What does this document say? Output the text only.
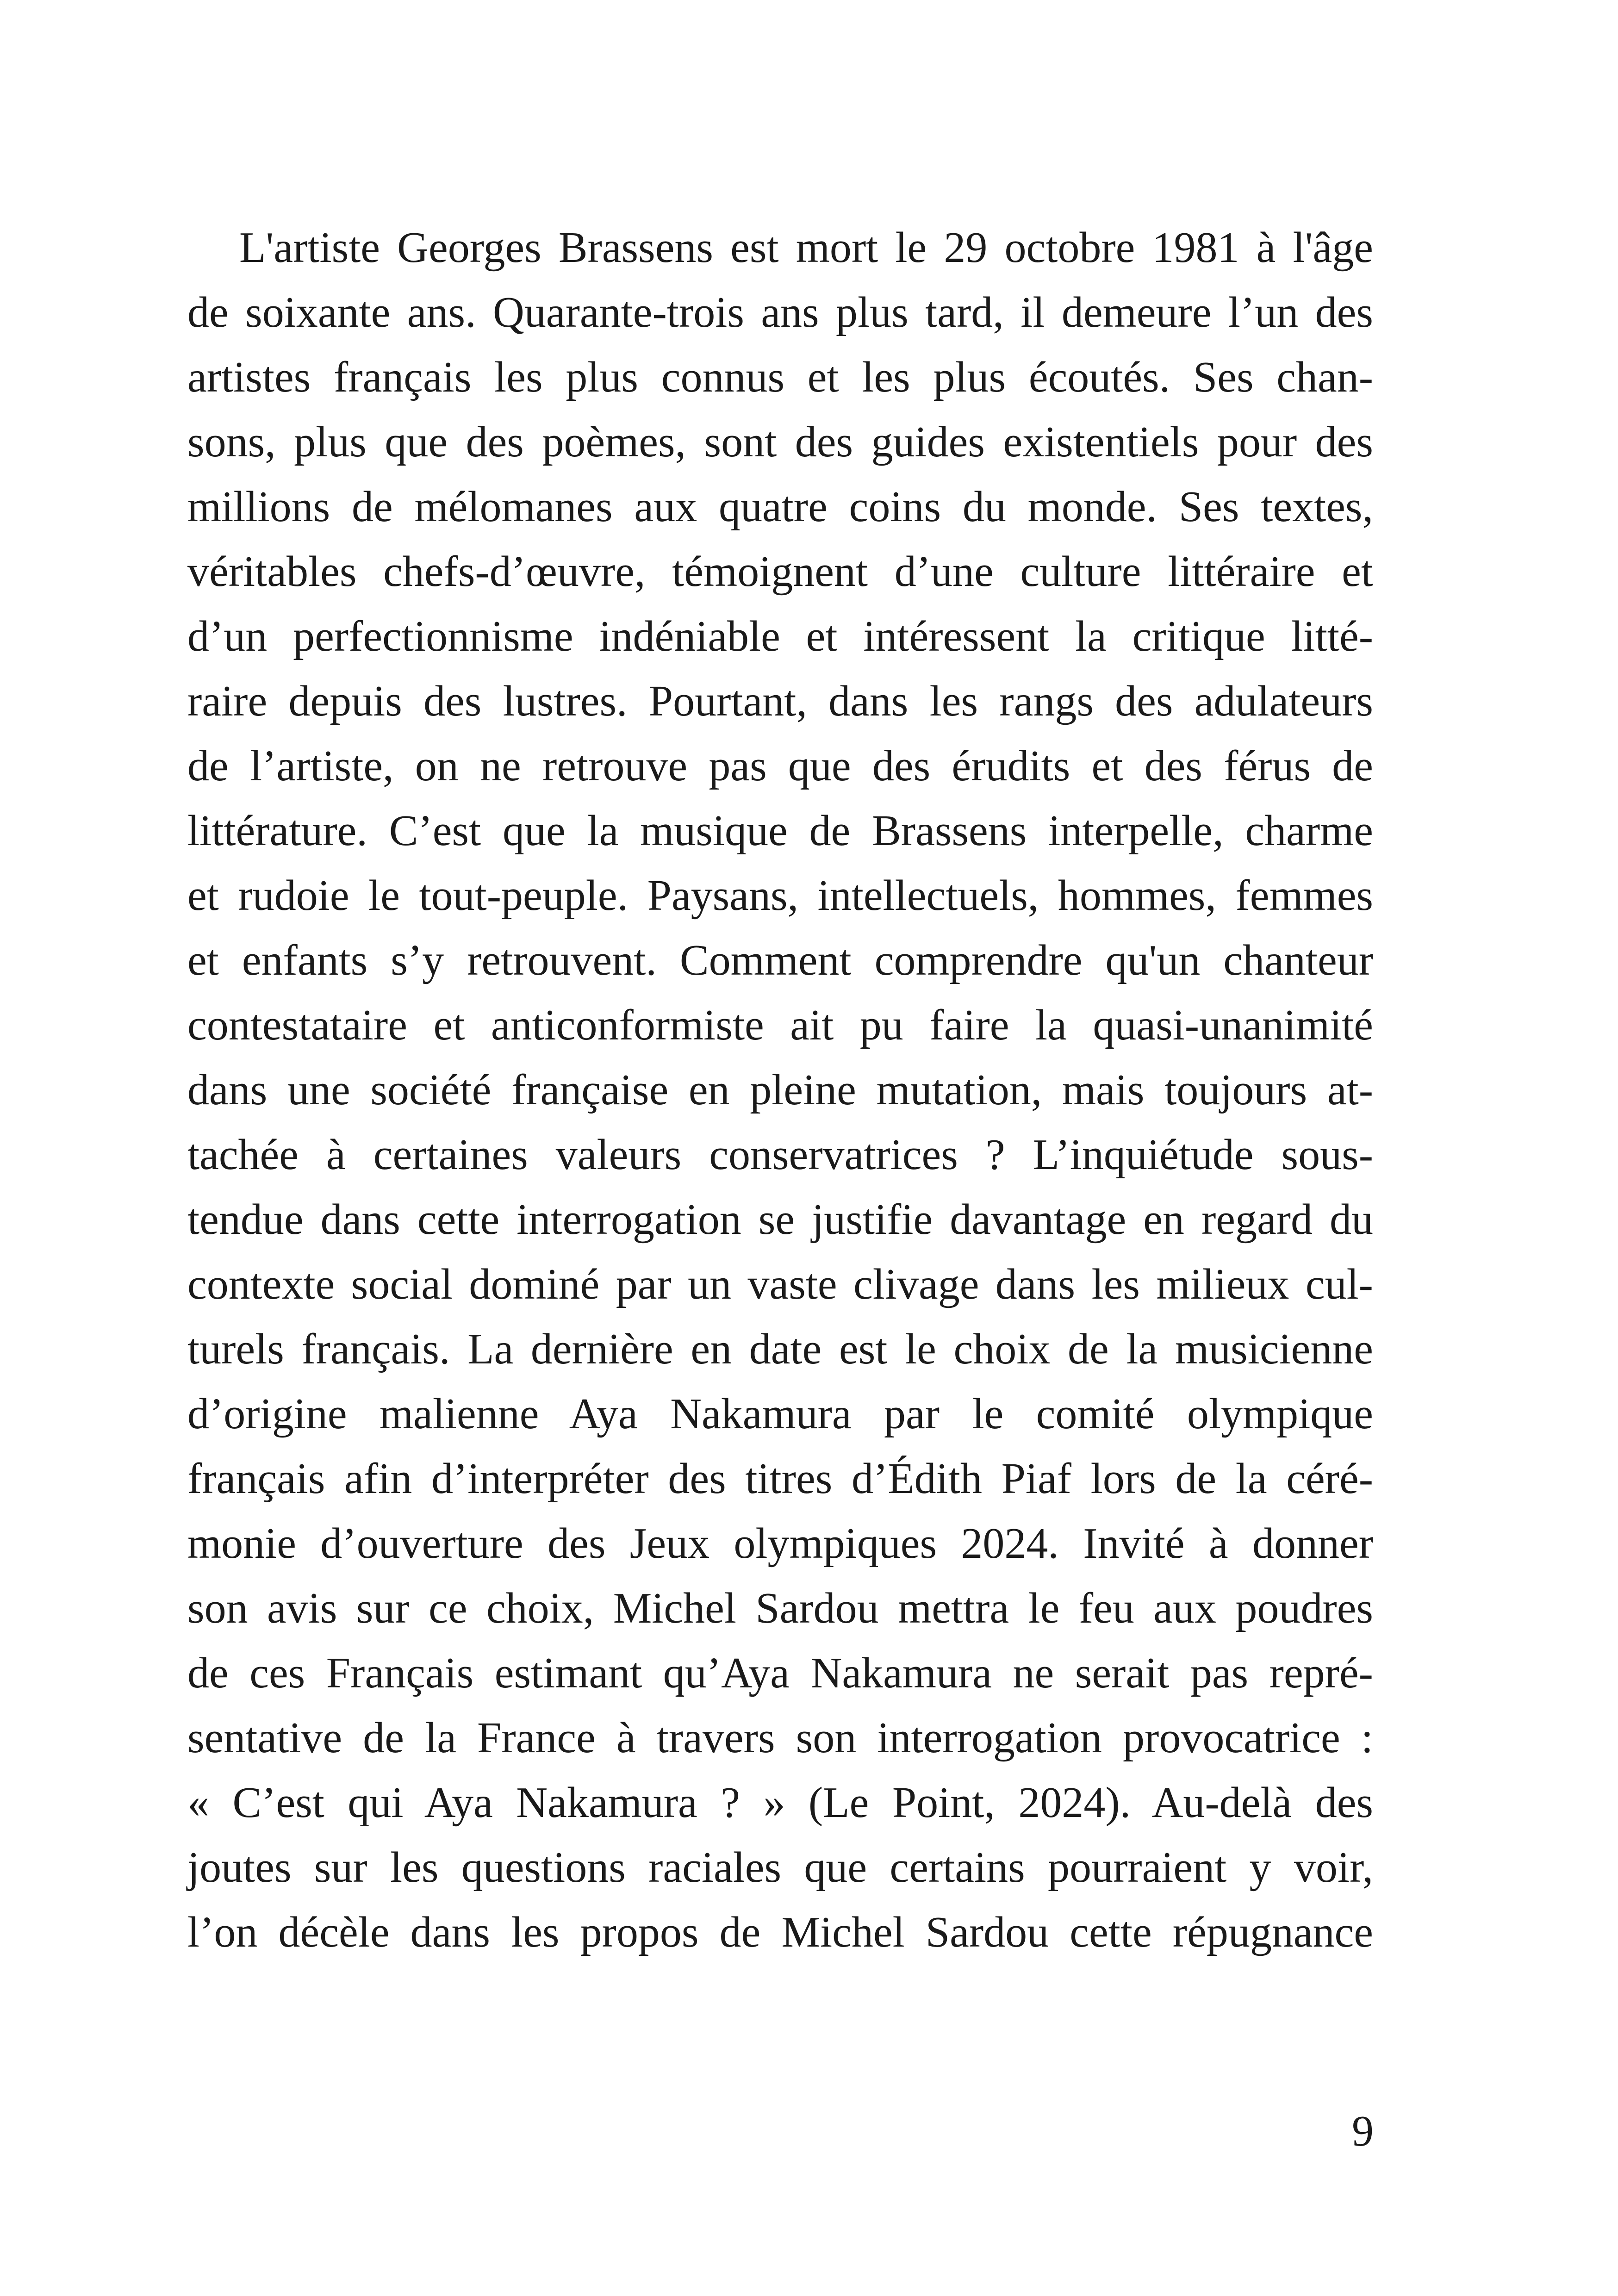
L'artiste Georges Brassens est mort le 29 octobre 1981 à l'âge
de soixante ans. Quarante-trois ans plus tard, il demeure l’un des
artistes français les plus connus et les plus écoutés. Ses chan-
sons, plus que des poèmes, sont des guides existentiels pour des
millions de mélomanes aux quatre coins du monde. Ses textes,
véritables chefs-d’œuvre, témoignent d’une culture littéraire et
d’un perfectionnisme indéniable et intéressent la critique litté-
raire depuis des lustres. Pourtant, dans les rangs des adulateurs
de l’artiste, on ne retrouve pas que des érudits et des férus de
littérature. C’est que la musique de Brassens interpelle, charme
et rudoie le tout-peuple. Paysans, intellectuels, hommes, femmes
et enfants s’y retrouvent. Comment comprendre qu'un chanteur
contestataire et anticonformiste ait pu faire la quasi-unanimité
dans une société française en pleine mutation, mais toujours at-
tachée à certaines valeurs conservatrices ? L’inquiétude sous-
tendue dans cette interrogation se justifie davantage en regard du
contexte social dominé par un vaste clivage dans les milieux cul-
turels français. La dernière en date est le choix de la musicienne
d’origine malienne Aya Nakamura par le comité olympique
français afin d’interpréter des titres d’Édith Piaf lors de la céré-
monie d’ouverture des Jeux olympiques 2024. Invité à donner
son avis sur ce choix, Michel Sardou mettra le feu aux poudres
de ces Français estimant qu’Aya Nakamura ne serait pas repré-
sentative de la France à travers son interrogation provocatrice :
« C’est qui Aya Nakamura ? » (Le Point, 2024). Au-delà des
joutes sur les questions raciales que certains pourraient y voir,
l’on décèle dans les propos de Michel Sardou cette répugnance
9
